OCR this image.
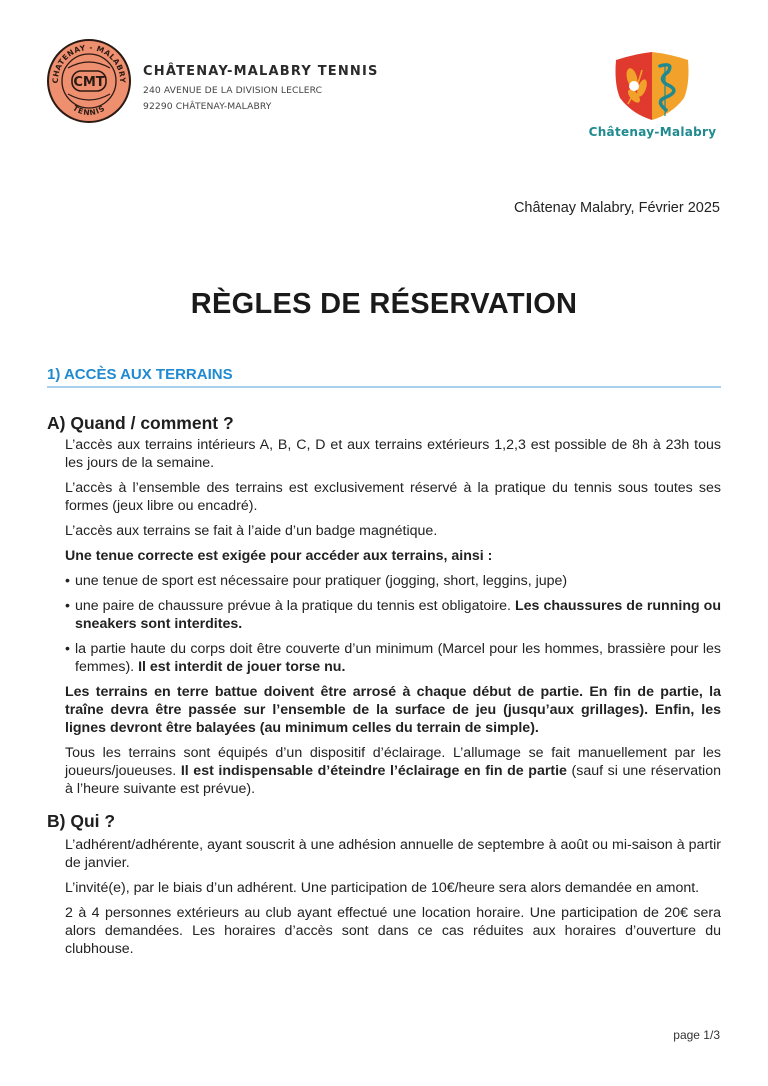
CMT
CHATENAY - MALABRY
TENNIS
CHÂTENAY-MALABRY TENNIS
240 AVENUE DE LA DIVISION LECLERC
92290 CHÂTENAY-MALABRY
Châtenay-Malabry
Châtenay Malabry, Février 2025
RÈGLES DE RÉSERVATION
1) ACCÈS AUX TERRAINS
A) Quand / comment ?

L’accès aux terrains intérieurs A, B, C, D et aux terrains extérieurs 1,2,3 est possible de 8h à 23h tous les jours de la semaine.

L’accès à l’ensemble des terrains est exclusivement réservé à la pratique du tennis sous toutes ses formes (jeux libre ou encadré).

L’accès aux terrains se fait à l’aide d’un badge magnétique.

Une tenue correcte est exigée pour accéder aux terrains, ainsi :

• une tenue de sport est nécessaire pour pratiquer (jogging, short, leggins, jupe)
• une paire de chaussure prévue à la pratique du tennis est obligatoire. Les chaussures de running ou sneakers sont interdites.
• la partie haute du corps doit être couverte d’un minimum (Marcel pour les hommes, brassière pour les femmes). Il est interdit de jouer torse nu.

Les terrains en terre battue doivent être arrosé à chaque début de partie. En fin de partie, la traîne devra être passée sur l’ensemble de la surface de jeu (jusqu’aux grillages). Enfin, les lignes devront être balayées (au minimum celles du terrain de simple).

Tous les terrains sont équipés d’un dispositif d’éclairage. L’allumage se fait manuellement par les joueurs/joueuses. Il est indispensable d’éteindre l’éclairage en fin de partie (sauf si une réservation à l’heure suivante est prévue).

B) Qui ?

L’adhérent/adhérente, ayant souscrit à une adhésion annuelle de septembre à août ou mi-saison à partir de janvier.

L’invité(e), par le biais d’un adhérent. Une participation de 10€/heure sera alors demandée en amont.

2 à 4 personnes extérieurs au club ayant effectué une location horaire. Une participation de 20€ sera alors demandées. Les horaires d’accès sont dans ce cas réduites aux horaires d’ouverture du clubhouse.

page 1/3
